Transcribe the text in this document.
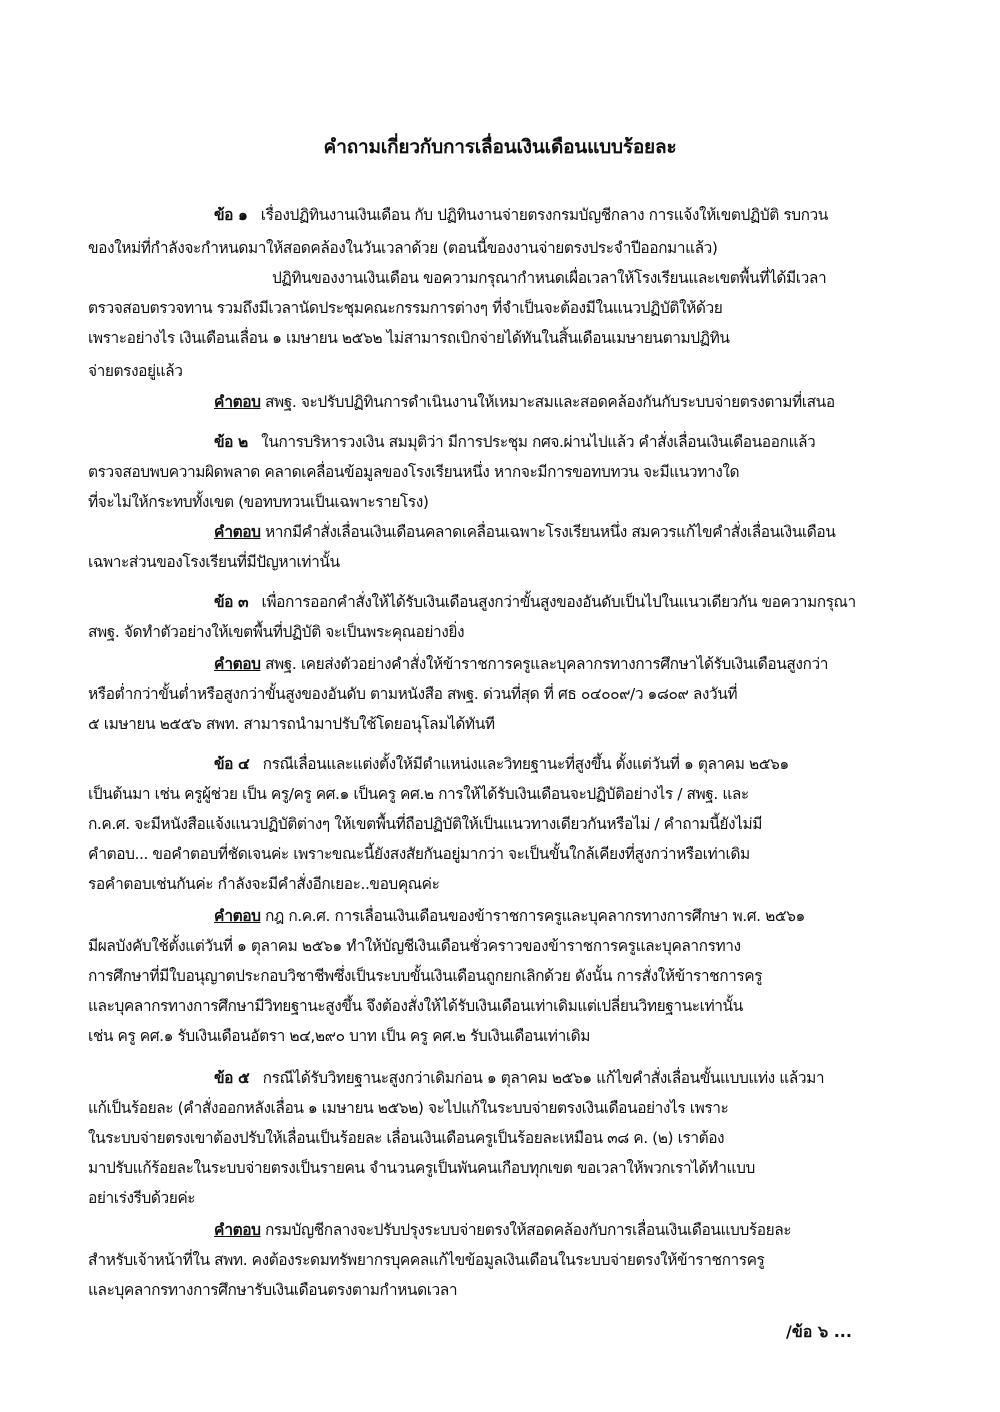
คำถามเกี่ยวกับการเลื่อนเงินเดือนแบบร้อยละ
ข้อ ๑ เรื่องปฏิทินงานเงินเดือน กับ ปฏิทินงานจ่ายตรงกรมบัญชีกลาง การแจ้งให้เขตปฏิบัติ รบกวน
ของใหม่ที่กำลังจะกำหนดมาให้สอดคล้องในวันเวลาด้วย (ตอนนี้ของงานจ่ายตรงประจำปีออกมาแล้ว)
ปฏิทินของงานเงินเดือน ขอความกรุณากำหนดเผื่อเวลาให้โรงเรียนและเขตพื้นที่ได้มีเวลา
ตรวจสอบตรวจทาน รวมถึงมีเวลานัดประชุมคณะกรรมการต่างๆ ที่จำเป็นจะต้องมีในแนวปฏิบัติให้ด้วย
เพราะอย่างไร เงินเดือนเลื่อน ๑ เมษายน ๒๕๖๒ ไม่สามารถเบิกจ่ายได้ทันในสิ้นเดือนเมษายนตามปฏิทิน
จ่ายตรงอยู่แล้ว
คำตอบ สพฐ. จะปรับปฏิทินการดำเนินงานให้เหมาะสมและสอดคล้องกันกับระบบจ่ายตรงตามที่เสนอ
ข้อ ๒ ในการบริหารวงเงิน สมมุติว่า มีการประชุม กศจ.ผ่านไปแล้ว คำสั่งเลื่อนเงินเดือนออกแล้ว
ตรวจสอบพบความผิดพลาด คลาดเคลื่อนข้อมูลของโรงเรียนหนึ่ง หากจะมีการขอทบทวน จะมีแนวทางใด
ที่จะไม่ให้กระทบทั้งเขต (ขอทบทวนเป็นเฉพาะรายโรง)
คำตอบ หากมีคำสั่งเลื่อนเงินเดือนคลาดเคลื่อนเฉพาะโรงเรียนหนึ่ง สมควรแก้ไขคำสั่งเลื่อนเงินเดือน
เฉพาะส่วนของโรงเรียนที่มีปัญหาเท่านั้น
ข้อ ๓ เพื่อการออกคำสั่งให้ได้รับเงินเดือนสูงกว่าขั้นสูงของอันดับเป็นไปในแนวเดียวกัน ขอความกรุณา
สพฐ. จัดทำตัวอย่างให้เขตพื้นที่ปฏิบัติ จะเป็นพระคุณอย่างยิ่ง
คำตอบ สพฐ. เคยส่งตัวอย่างคำสั่งให้ข้าราชการครูและบุคลากรทางการศึกษาได้รับเงินเดือนสูงกว่า
หรือต่ำกว่าขั้นต่ำหรือสูงกว่าขั้นสูงของอันดับ ตามหนังสือ สพฐ. ด่วนที่สุด ที่ ศธ ๐๔๐๐๙/ว ๑๘๐๙ ลงวันที่
๕ เมษายน ๒๕๕๖ สพท. สามารถนำมาปรับใช้โดยอนุโลมได้ทันที
ข้อ ๔ กรณีเลื่อนและแต่งตั้งให้มีตำแหน่งและวิทยฐานะที่สูงขึ้น ตั้งแต่วันที่ ๑ ตุลาคม ๒๕๖๑
เป็นต้นมา เช่น ครูผู้ช่วย เป็น ครู/ครู คศ.๑ เป็นครู คศ.๒ การให้ได้รับเงินเดือนจะปฏิบัติอย่างไร / สพฐ. และ
ก.ค.ศ. จะมีหนังสือแจ้งแนวปฏิบัติต่างๆ ให้เขตพื้นที่ถือปฏิบัติให้เป็นแนวทางเดียวกันหรือไม่ / คำถามนี้ยังไม่มี
คำตอบ... ขอคำตอบที่ชัดเจนค่ะ เพราะขณะนี้ยังสงสัยกันอยู่มากว่า จะเป็นขั้นใกล้เคียงที่สูงกว่าหรือเท่าเดิม
รอคำตอบเช่นกันค่ะ กำลังจะมีคำสั่งอีกเยอะ..ขอบคุณค่ะ
คำตอบ กฎ ก.ค.ศ. การเลื่อนเงินเดือนของข้าราชการครูและบุคลากรทางการศึกษา พ.ศ. ๒๕๖๑
มีผลบังคับใช้ตั้งแต่วันที่ ๑ ตุลาคม ๒๕๖๑ ทำให้บัญชีเงินเดือนชั่วคราวของข้าราชการครูและบุคลากรทาง
การศึกษาที่มีใบอนุญาตประกอบวิชาชีพซึ่งเป็นระบบขั้นเงินเดือนถูกยกเลิกด้วย ดังนั้น การสั่งให้ข้าราชการครู
และบุคลากรทางการศึกษามีวิทยฐานะสูงขึ้น จึงต้องสั่งให้ได้รับเงินเดือนเท่าเดิมแต่เปลี่ยนวิทยฐานะเท่านั้น
เช่น ครู คศ.๑ รับเงินเดือนอัตรา ๒๔,๒๙๐ บาท เป็น ครู คศ.๒ รับเงินเดือนเท่าเดิม
ข้อ ๕ กรณีได้รับวิทยฐานะสูงกว่าเดิมก่อน ๑ ตุลาคม ๒๕๖๑ แก้ไขคำสั่งเลื่อนขั้นแบบแท่ง แล้วมา
แก้เป็นร้อยละ (คำสั่งออกหลังเลื่อน ๑ เมษายน ๒๕๖๒) จะไปแก้ในระบบจ่ายตรงเงินเดือนอย่างไร เพราะ
ในระบบจ่ายตรงเขาต้องปรับให้เลื่อนเป็นร้อยละ เลื่อนเงินเดือนครูเป็นร้อยละเหมือน ๓๘ ค. (๒) เราต้อง
มาปรับแก้ร้อยละในระบบจ่ายตรงเป็นรายคน จำนวนครูเป็นพันคนเกือบทุกเขต ขอเวลาให้พวกเราได้ทำแบบ
อย่าเร่งรีบด้วยค่ะ
คำตอบ กรมบัญชีกลางจะปรับปรุงระบบจ่ายตรงให้สอดคล้องกับการเลื่อนเงินเดือนแบบร้อยละ
สำหรับเจ้าหน้าที่ใน สพท. คงต้องระดมทรัพยากรบุคคลแก้ไขข้อมูลเงินเดือนในระบบจ่ายตรงให้ข้าราชการครู
และบุคลากรทางการศึกษารับเงินเดือนตรงตามกำหนดเวลา
/ข้อ ๖ ...
